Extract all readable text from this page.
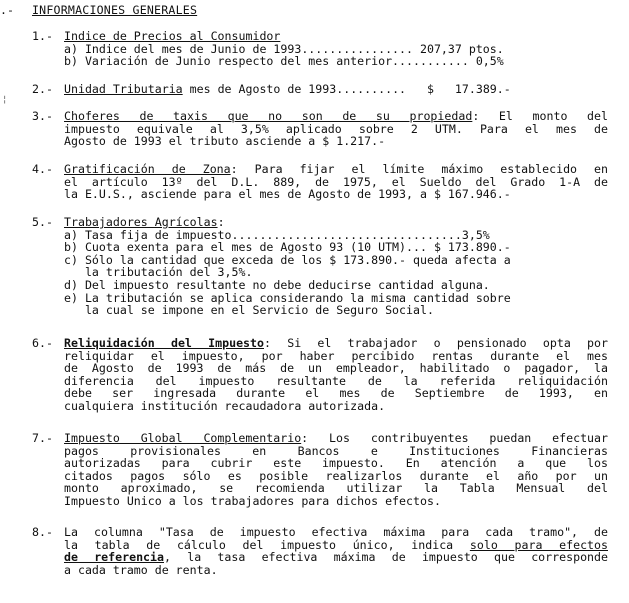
.- INFORMACIONES GENERALES
¦
1.- Indice de Precios al Consumidor
a) Indice del mes de Junio de 1993................ 207,37 ptos.
b) Variación de Junio respecto del mes anterior........... 0,5%
2.- Unidad Tributaria mes de Agosto de 1993..........   $   17.389.-
3.- Choferes de taxis que no son de su propiedad: El monto del
impuesto equivale al 3,5% aplicado sobre 2 UTM. Para el mes de
Agosto de 1993 el tributo asciende a $ 1.217.-
4.- Gratificación de Zona: Para fijar el límite máximo establecido en
el artículo 13º del D.L. 889, de 1975, el Sueldo del Grado 1-A de
la E.U.S., asciende para el mes de Agosto de 1993, a $ 167.946.-
5.- Trabajadores Agrícolas:
a) Tasa fija de impuesto.................................3,5%
b) Cuota exenta para el mes de Agosto 93 (10 UTM)... $ 173.890.-
c) Sólo la cantidad que exceda de los $ 173.890.- queda afecta a
la tributación del 3,5%.
d) Del impuesto resultante no debe deducirse cantidad alguna.
e) La tributación se aplica considerando la misma cantidad sobre
la cual se impone en el Servicio de Seguro Social.
6.- Reliquidación del Impuesto: Si el trabajador o pensionado opta por
reliquidar el impuesto, por haber percibido rentas durante el mes
de Agosto de 1993 de más de un empleador, habilitado o pagador, la
diferencia del impuesto resultante de la referida reliquidación
debe ser ingresada durante el mes de Septiembre de 1993, en
cualquiera institución recaudadora autorizada.
7.- Impuesto Global Complementario: Los contribuyentes puedan efectuar
pagos provisionales en Bancos e Instituciones Financieras
autorizadas para cubrir este impuesto. En atención a que los
citados pagos sólo es posible realizarlos durante el año por un
monto aproximado, se recomienda utilizar la Tabla Mensual del
Impuesto Unico a los trabajadores para dichos efectos.
8.- La columna "Tasa de impuesto efectiva máxima para cada tramo", de
la tabla de cálculo del impuesto único, indica solo para efectos
de referencia, la tasa efectiva máxima de impuesto que corresponde
a cada tramo de renta.
